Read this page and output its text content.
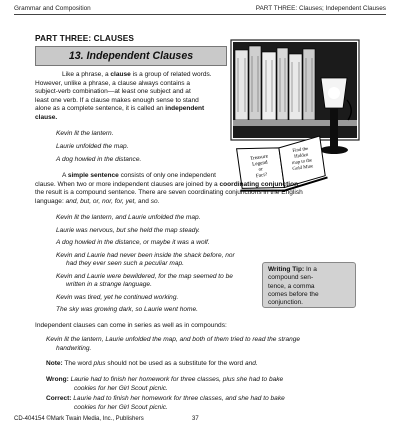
Grammar and Composition	PART THREE: Clauses; Independent Clauses
PART THREE: CLAUSES
13. Independent Clauses
Treasure
Legend
or
Fact?
Find the
Hidden
map to the
Gold Mine
Like a phrase, a clause is a group of related words.
However, unlike a phrase, a clause always contains a
subject-verb combination—at least one subject and at
least one verb. If a clause makes enough sense to stand
alone as a complete sentence, it is called an independent
clause.
Kevin lit the lantern.
Laurie unfolded the map.
A dog howled in the distance.
A simple sentence consists of only one independent
clause. When two or more independent clauses are joined by a coordinating conjunction,
the result is a compound sentence. There are seven coordinating conjunctions in the English
language: and, but, or, nor, for, yet, and so.
Kevin lit the lantern, and Laurie unfolded the map.
Laurie was nervous, but she held the map steady.
A dog howled in the distance, or maybe it was a wolf.
Kevin and Laurie had never been inside the shack before, nor
had they ever seen such a peculiar map.
Kevin and Laurie were bewildered, for the map seemed to be
written in a strange language.
Kevin was tired, yet he continued working.
The sky was growing dark, so Laurie went home.
Writing Tip: In a
compound sen-
tence, a comma
comes before the
conjunction.
Independent clauses can come in series as well as in compounds:
Kevin lit the lantern, Laurie unfolded the map, and both of them tried to read the strange
handwriting.
Note: The word plus should not be used as a substitute for the word and.
Wrong: Laurie had to finish her homework for three classes, plus she had to bake
cookies for her Girl Scout picnic.
Correct: Laurie had to finish her homework for three classes, and she had to bake
cookies for her Girl Scout picnic.
CD-404154 ©Mark Twain Media, Inc., Publishers	37
